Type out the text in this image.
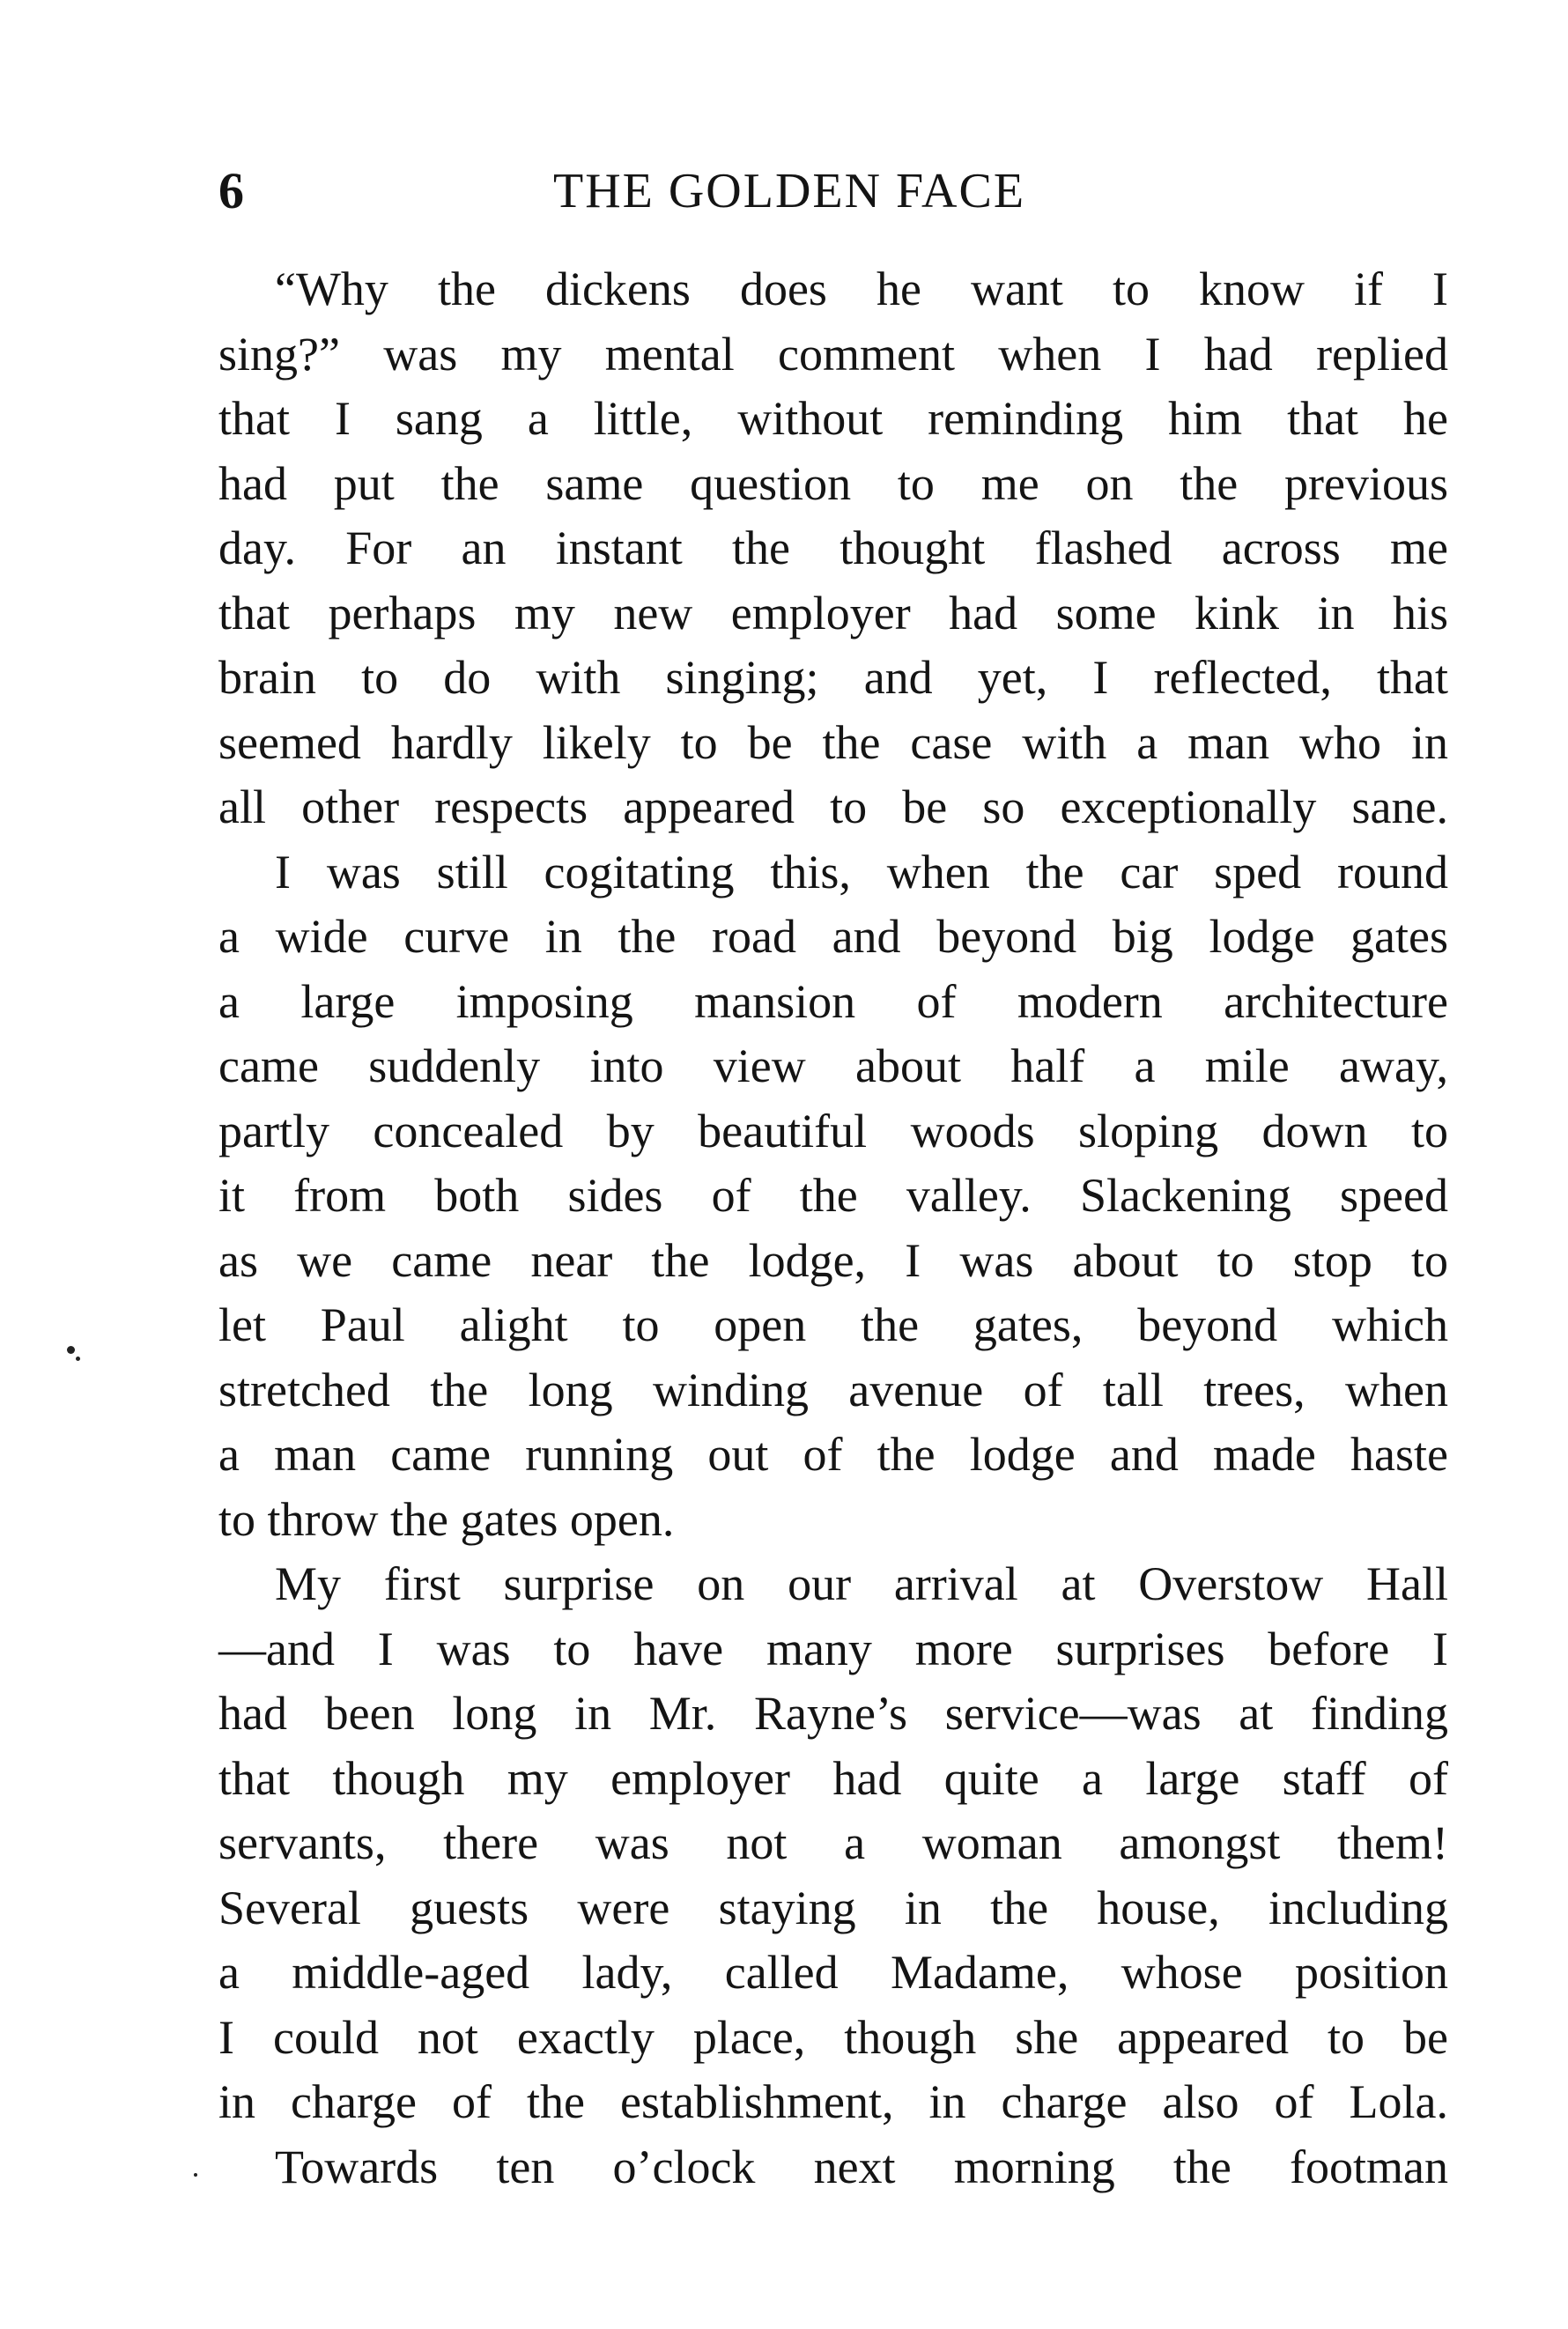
6	THE GOLDEN FACE
“Why the dickens does he want to know if I
sing?” was my mental comment when I had replied
that I sang a little, without reminding him that he
had put the same question to me on the previous
day. For an instant the thought flashed across me
that perhaps my new employer had some kink in his
brain to do with singing; and yet, I reflected, that
seemed hardly likely to be the case with a man who in
all other respects appeared to be so exceptionally sane.
I was still cogitating this, when the car sped round
a wide curve in the road and beyond big lodge gates
a large imposing mansion of modern architecture
came suddenly into view about half a mile away,
partly concealed by beautiful woods sloping down to
it from both sides of the valley. Slackening speed
as we came near the lodge, I was about to stop to
let Paul alight to open the gates, beyond which
stretched the long winding avenue of tall trees, when
a man came running out of the lodge and made haste
to throw the gates open.
My first surprise on our arrival at Overstow Hall
—and I was to have many more surprises before I
had been long in Mr. Rayne’s service—was at finding
that though my employer had quite a large staff of
servants, there was not a woman amongst them!
Several guests were staying in the house, including
a middle-aged lady, called Madame, whose position
I could not exactly place, though she appeared to be
in charge of the establishment, in charge also of Lola.
Towards ten o’clock next morning the footman
